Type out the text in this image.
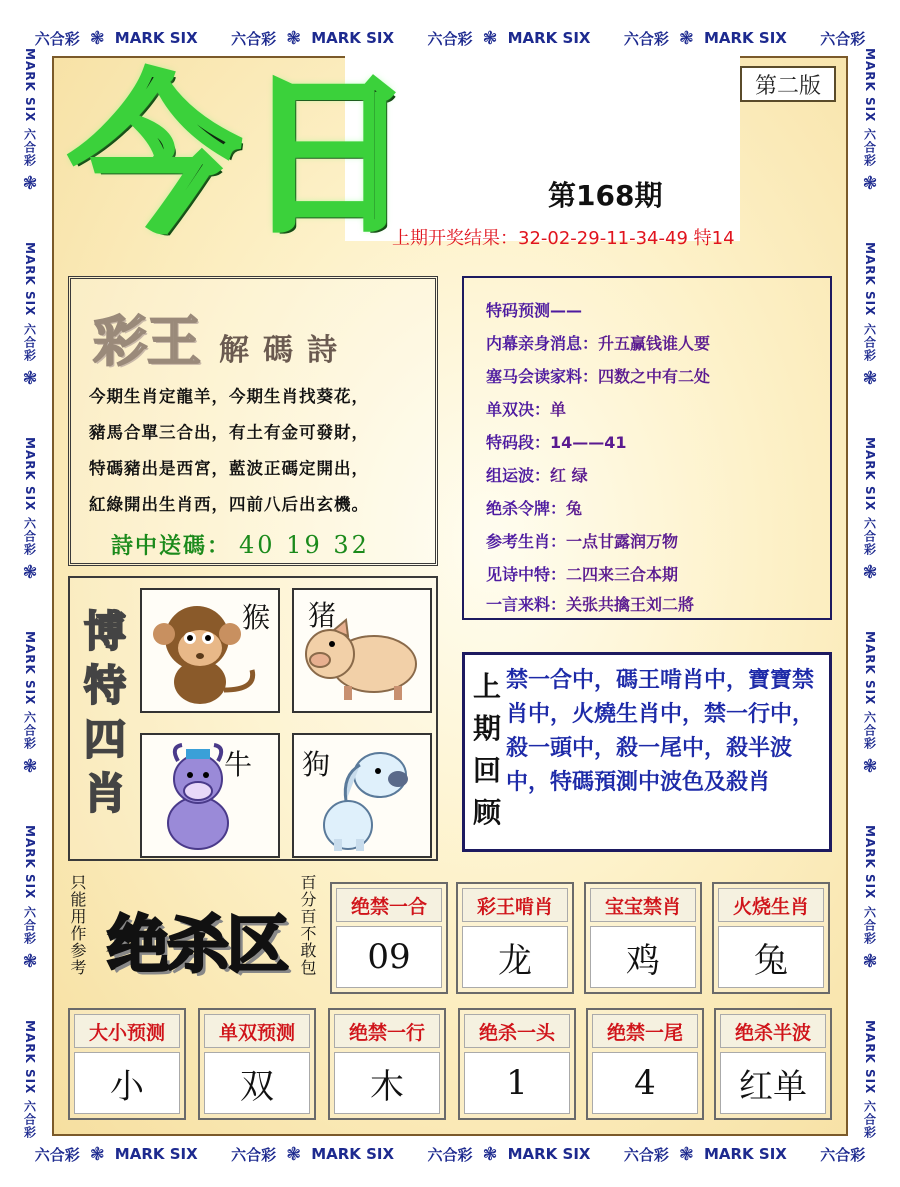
六合彩 ❃ MARK SIX 六合彩 ❃ MARK SIX 六合彩 ❃ MARK SIX 六合彩 ❃ MARK SIX 六合彩
六合彩 ❃ MARK SIX 六合彩 ❃ MARK SIX 六合彩 ❃ MARK SIX 六合彩 ❃ MARK SIX 六合彩
MARK SIX
六合彩
❃
MARK SIX
六合彩
❃
MARK SIX
六合彩
❃
MARK SIX
六合彩
❃
MARK SIX
六合彩
❃
MARK SIX
六合彩
MARK SIX
六合彩
❃
MARK SIX
六合彩
❃
MARK SIX
六合彩
❃
MARK SIX
六合彩
❃
MARK SIX
六合彩
❃
MARK SIX
六合彩
今 日	第二版
第168期
上期开奖结果：32-02-29-11-34-49 特14
彩王 解碼詩
今期生肖定龍羊，今期生肖找葵花，
豬馬合單三合出，有土有金可發財，
特碼豬出是西宮，藍波正碼定開出，
紅綠開出生肖西，四前八后出玄機。
詩中送碼： 40 19 32
特码预测——
内幕亲身消息：升五赢钱谁人要
塞马会读家料：四数之中有二处
单双决：单
特码段：14——41
组运波：红 绿
绝杀令牌：兔
参考生肖：一点甘露润万物
见诗中特：二四来三合本期
一言来料：关张共擒王刘二將
博
特
四
肖
猴 猪
牛 狗
上
期
回
顾
禁一合中，碼王啃肖中，寶寶禁肖中，火燒生肖中，禁一行中，殺一頭中，殺一尾中，殺半波中，特碼預測中波色及殺肖
只能用作参考 绝杀区 百分百不敢包	绝禁一合
09
彩王啃肖
龙
宝宝禁肖
鸡
火烧生肖
兔
大小预测
小
单双预测
双
绝禁一行
木
绝杀一头
1
绝禁一尾
4
绝杀半波
红单
